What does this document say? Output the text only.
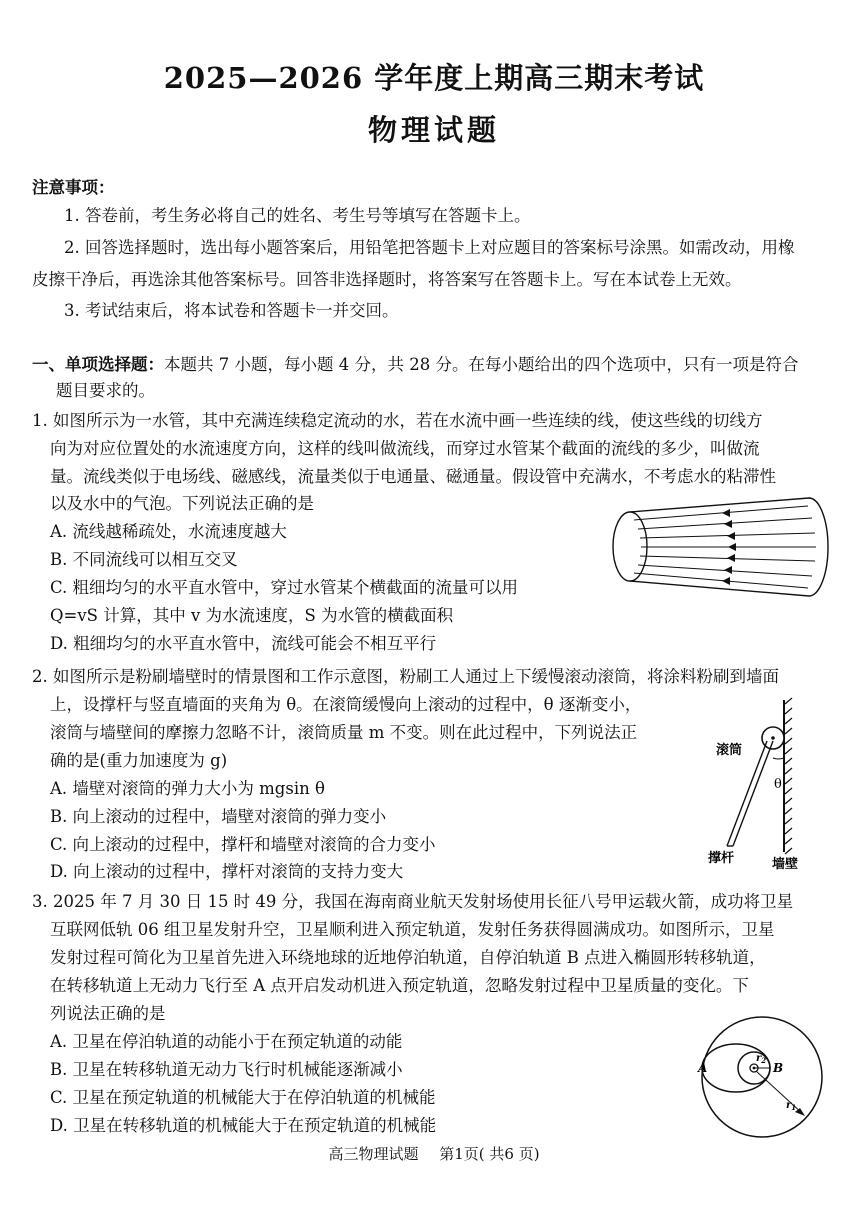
2025—2026 学年度上期高三期末考试
物理试题
注意事项：
1. 答卷前，考生务必将自己的姓名、考生号等填写在答题卡上。
2. 回答选择题时，选出每小题答案后，用铅笔把答题卡上对应题目的答案标号涂黑。如需改动，用橡
皮擦干净后，再选涂其他答案标号。回答非选择题时，将答案写在答题卡上。写在本试卷上无效。
3. 考试结束后，将本试卷和答题卡一并交回。
一、单项选择题：本题共 7 小题，每小题 4 分，共 28 分。在每小题给出的四个选项中，只有一项是符合
题目要求的。
1. 如图所示为一水管，其中充满连续稳定流动的水，若在水流中画一些连续的线，使这些线的切线方
向为对应位置处的水流速度方向，这样的线叫做流线，而穿过水管某个截面的流线的多少，叫做流
量。流线类似于电场线、磁感线，流量类似于电通量、磁通量。假设管中充满水，不考虑水的粘滞性
以及水中的气泡。下列说法正确的是
A. 流线越稀疏处，水流速度越大
B. 不同流线可以相互交叉
C. 粗细均匀的水平直水管中，穿过水管某个横截面的流量可以用
Q=vS 计算，其中 v 为水流速度，S 为水管的横截面积
D. 粗细均匀的水平直水管中，流线可能会不相互平行
2. 如图所示是粉刷墙壁时的情景图和工作示意图，粉刷工人通过上下缓慢滚动滚筒，将涂料粉刷到墙面
上，设撑杆与竖直墙面的夹角为 θ。在滚筒缓慢向上滚动的过程中，θ 逐渐变小，
滚筒与墙壁间的摩擦力忽略不计，滚筒质量 m 不变。则在此过程中，下列说法正
确的是(重力加速度为 g)
A. 墙壁对滚筒的弹力大小为 mgsin θ
B. 向上滚动的过程中，墙壁对滚筒的弹力变小
C. 向上滚动的过程中，撑杆和墙壁对滚筒的合力变小
D. 向上滚动的过程中，撑杆对滚筒的支持力变大
θ
滚筒
撑杆	墙壁
3. 2025 年 7 月 30 日 15 时 49 分，我国在海南商业航天发射场使用长征八号甲运载火箭，成功将卫星
互联网低轨 06 组卫星发射升空，卫星顺利进入预定轨道，发射任务获得圆满成功。如图所示，卫星
发射过程可简化为卫星首先进入环绕地球的近地停泊轨道，自停泊轨道 B 点进入椭圆形转移轨道，
在转移轨道上无动力飞行至 A 点开启发动机进入预定轨道，忽略发射过程中卫星质量的变化。下
列说法正确的是
A. 卫星在停泊轨道的动能小于在预定轨道的动能
B. 卫星在转移轨道无动力飞行时机械能逐渐减小
C. 卫星在预定轨道的机械能大于在停泊轨道的机械能
D. 卫星在转移轨道的机械能大于在预定轨道的机械能
A	B
$r_2$
$r_1$
高三物理试题 第1页( 共6 页)
